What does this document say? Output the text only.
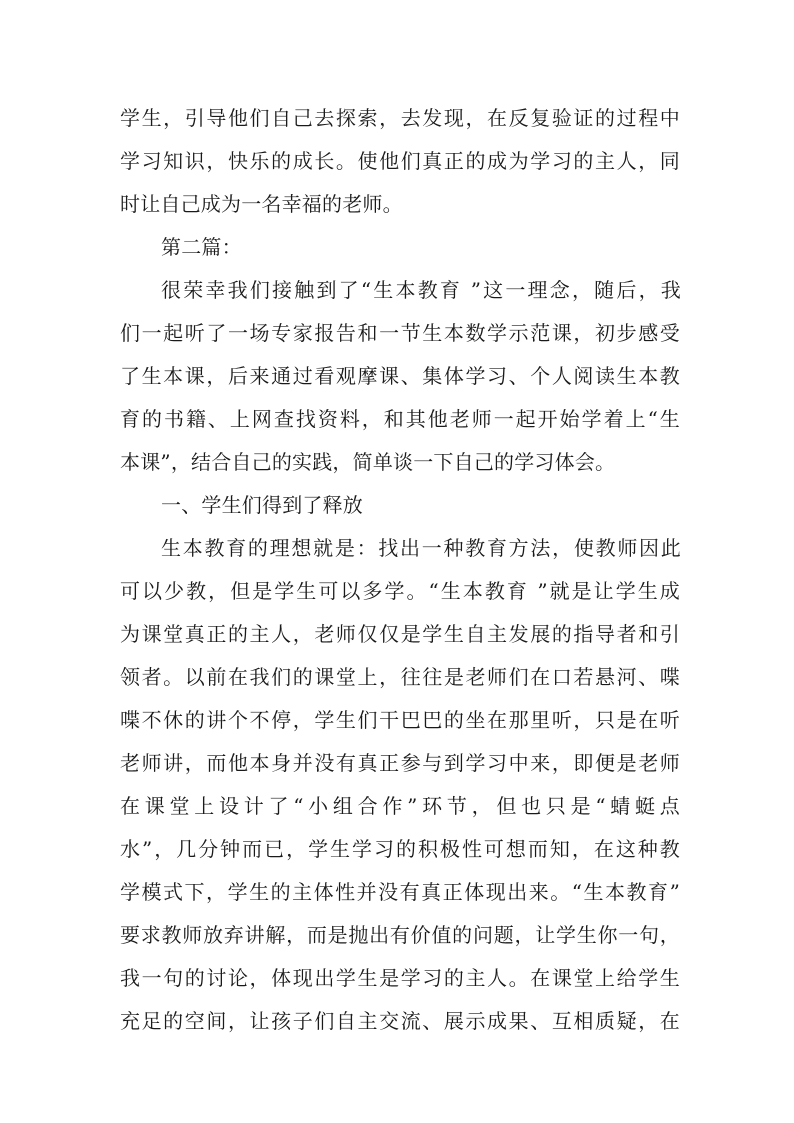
学生，引导他们自己去探索，去发现，在反复验证的过程中
学习知识，快乐的成长。使他们真正的成为学习的主人，同
时让自己成为一名幸福的老师。
第二篇：
很荣幸我们接触到了“生本教育 ”这一理念，随后，我
们一起听了一场专家报告和一节生本数学示范课，初步感受
了生本课，后来通过看观摩课、集体学习、个人阅读生本教
育的书籍、上网查找资料，和其他老师一起开始学着上“生
本课”，结合自己的实践，简单谈一下自己的学习体会。
一、学生们得到了释放
生本教育的理想就是：找出一种教育方法，使教师因此
可以少教，但是学生可以多学。“生本教育 ”就是让学生成
为课堂真正的主人，老师仅仅是学生自主发展的指导者和引
领者。以前在我们的课堂上，往往是老师们在口若悬河、喋
喋不休的讲个不停，学生们干巴巴的坐在那里听，只是在听
老师讲，而他本身并没有真正参与到学习中来，即便是老师
在课堂上设计了“小组合作”环节，但也只是“蜻蜓点
水”，几分钟而已，学生学习的积极性可想而知，在这种教
学模式下，学生的主体性并没有真正体现出来。“生本教育”
要求教师放弃讲解，而是抛出有价值的问题，让学生你一句，
我一句的讨论，体现出学生是学习的主人。在课堂上给学生
充足的空间，让孩子们自主交流、展示成果、互相质疑，在
